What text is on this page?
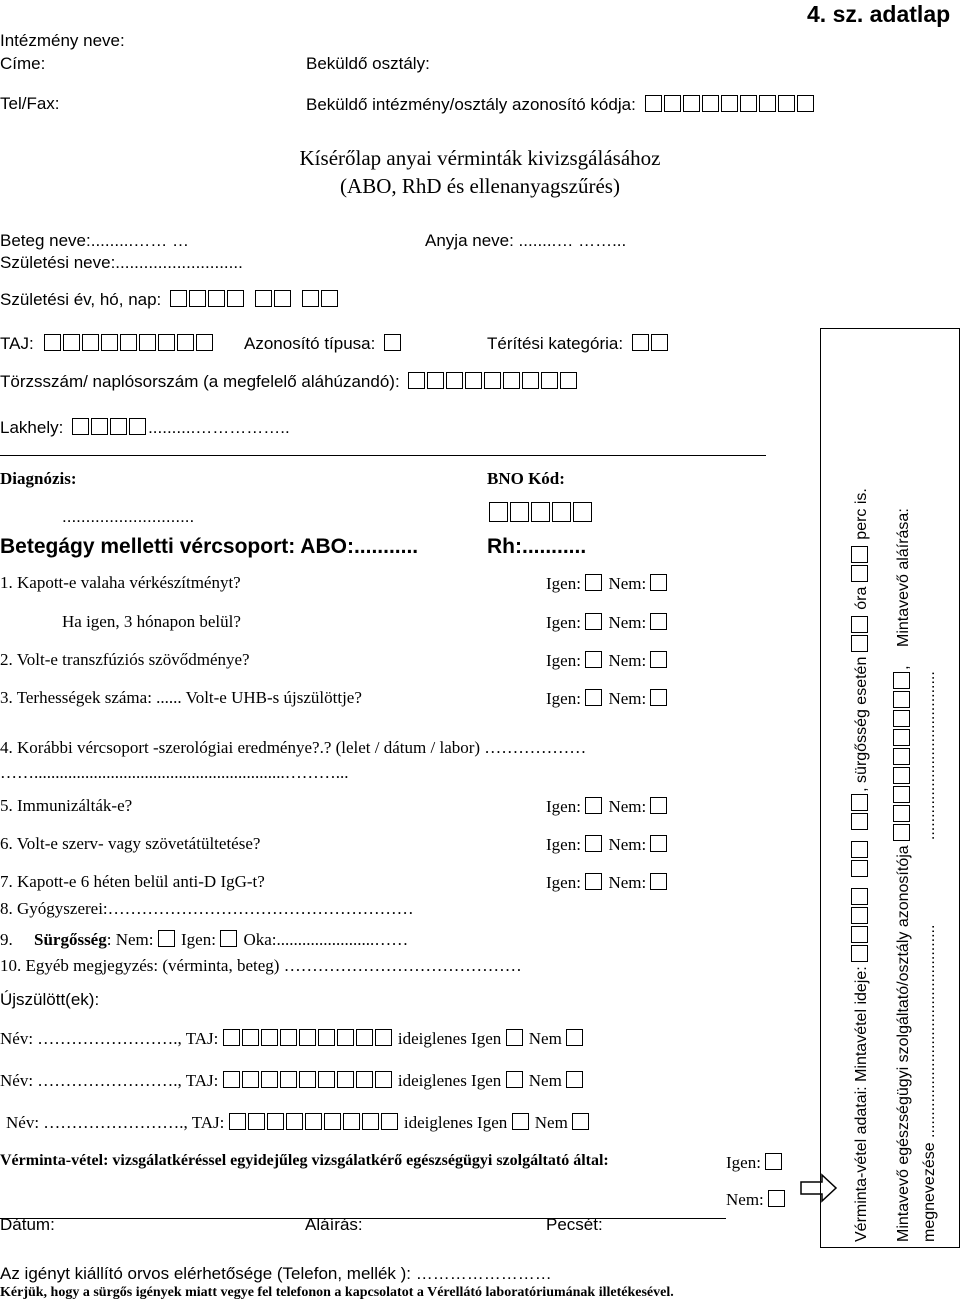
Intézmény neve:
Címe:	Beküldő osztály:
Tel/Fax:	Beküldő intézmény/osztály azonosító kódja:
4. sz. adatlap
Kísérőlap anyai vérminták kivizsgálásához
(ABO, RhD és ellenanyagszűrés)
Beteg neve:.........…… …	Anyja neve: ........… ……...
Születési neve:...........................
Születési év, hó, nap:
TAJ:	Azonosító típusa:	Térítési kategória:
Törzsszám/ naplósorszám (a megfelelő aláhúzandó):
Lakhely:	..........……………..
Diagnózis:
............................
BNO Kód:
Betegágy melletti vércsoport: ABO:...........	Rh:...........
1. Kapott-e valaha vérkészítményt?	Igen: Nem:
Ha igen, 3 hónapon belül?	Igen: Nem:
2. Volt-e transzfúziós szövődménye?	Igen: Nem:
3. Terhességek száma: ...... Volt-e UHB-s újszülöttje?	Igen: Nem:
4. Korábbi vércsoport -szerológiai eredménye?.? (lelet / dátum / labor) ………………
……...........................................................………...
5. Immunizálták-e?	Igen: Nem:
6. Volt-e szerv- vagy szövetátültetése?	Igen: Nem:
7. Kapott-e 6 héten belül anti-D IgG-t?	Igen: Nem:
8. Gyógyszerei:………………………………………………
9. Sürgősség: Nem: Igen: Oka:.......................……
10. Egyéb megjegyzés: (vérminta, beteg) ……………………………………
Újszülött(ek):
Név: ……………………., TAJ:	ideiglenes Igen Nem
Név: ……………………., TAJ:	ideiglenes Igen Nem
Név: ……………………., TAJ:	ideiglenes Igen Nem
Vérminta-vétel: vizsgálatkéréssel egyidejűleg vizsgálatkérő egészségügyi szolgáltató által:	Igen:
Nem:
Dátum:	Aláírás:	Pecsét:
Az igényt kiállító orvos elérhetősége (Telefon, mellék ): ……………………
Kérjük, hogy a sürgős igények miatt vegye fel telefonon a kapcsolatot a Vérellátó laboratóriumának illetékesével.
Vérminta-vétel adatai: Mintavétel ideje: , sürgősség esetén  óra  perc is.
Mintavevő egészségügyi szolgáltató/osztály azonosítója , Mintavevő aláírása:
megnevezése ................................................ ......................................
